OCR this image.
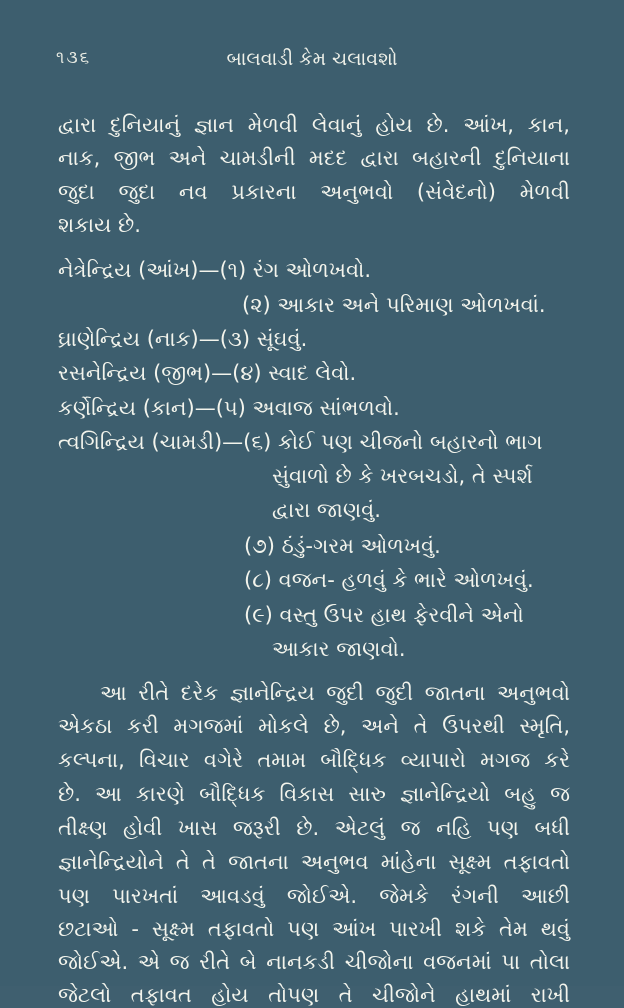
૧૩૬	બાલવાડી કેમ ચલાવશો
દ્વારા દુનિયાનું જ્ઞાન મેળવી લેવાનું હોય છે. આંખ, કાન,
નાક, જીભ અને ચામડીની મદદ દ્વારા બહારની દુનિયાના
જુદા જુદા નવ પ્રકારના અનુભવો (સંવેદનો) મેળવી
શકાય છે.
નેત્રેન્દ્રિય (આંખ)—(૧) રંગ ઓળખવો.
(૨) આકાર અને પરિમાણ ઓળખવાં.
ઘ્રાણેન્દ્રિય (નાક)—(૩) સૂંઘવું.
રસનેન્દ્રિય (જીભ)—(૪) સ્વાદ લેવો.
કર્ણેન્દ્રિય (કાન)—(૫) અવાજ સાંભળવો.
ત્વગિન્દ્રિય (ચામડી)—(૬) કોઈ પણ ચીજનો બહારનો ભાગ
સુંવાળો છે કે ખરબચડો, તે સ્પર્શ
દ્વારા જાણવું.
(૭) ઠંડું-ગરમ ઓળખવું.
(૮) વજન- હળવું કે ભારે ઓળખવું.
(૯) વસ્તુ ઉપર હાથ ફેરવીને એનો
આકાર જાણવો.
આ રીતે દરેક જ્ઞાનેન્દ્રિય જુદી જુદી જાતના અનુભવો
એકઠા કરી મગજમાં મોકલે છે, અને તે ઉપરથી સ્મૃતિ,
કલ્પના, વિચાર વગેરે તમામ બૌદ્ધિક વ્યાપારો મગજ કરે
છે. આ કારણે બૌદ્ધિક વિકાસ સારુ જ્ઞાનેન્દ્રિયો બહુ જ
તીક્ષ્ણ હોવી ખાસ જરૂરી છે. એટલું જ નહિ પણ બધી
જ્ઞાનેન્દ્રિયોને તે તે જાતના અનુભવ માંહેના સૂક્ષ્મ તફાવતો
પણ પારખતાં આવડવું જોઈએ. જેમકે રંગની આછી
છટાઓ - સૂક્ષ્મ તફાવતો પણ આંખ પારખી શકે તેમ થવું
જોઈએ. એ જ રીતે બે નાનકડી ચીજોના વજનમાં પા તોલા
જેટલો તફાવત હોય તોપણ તે ચીજોને હાથમાં રાખી
